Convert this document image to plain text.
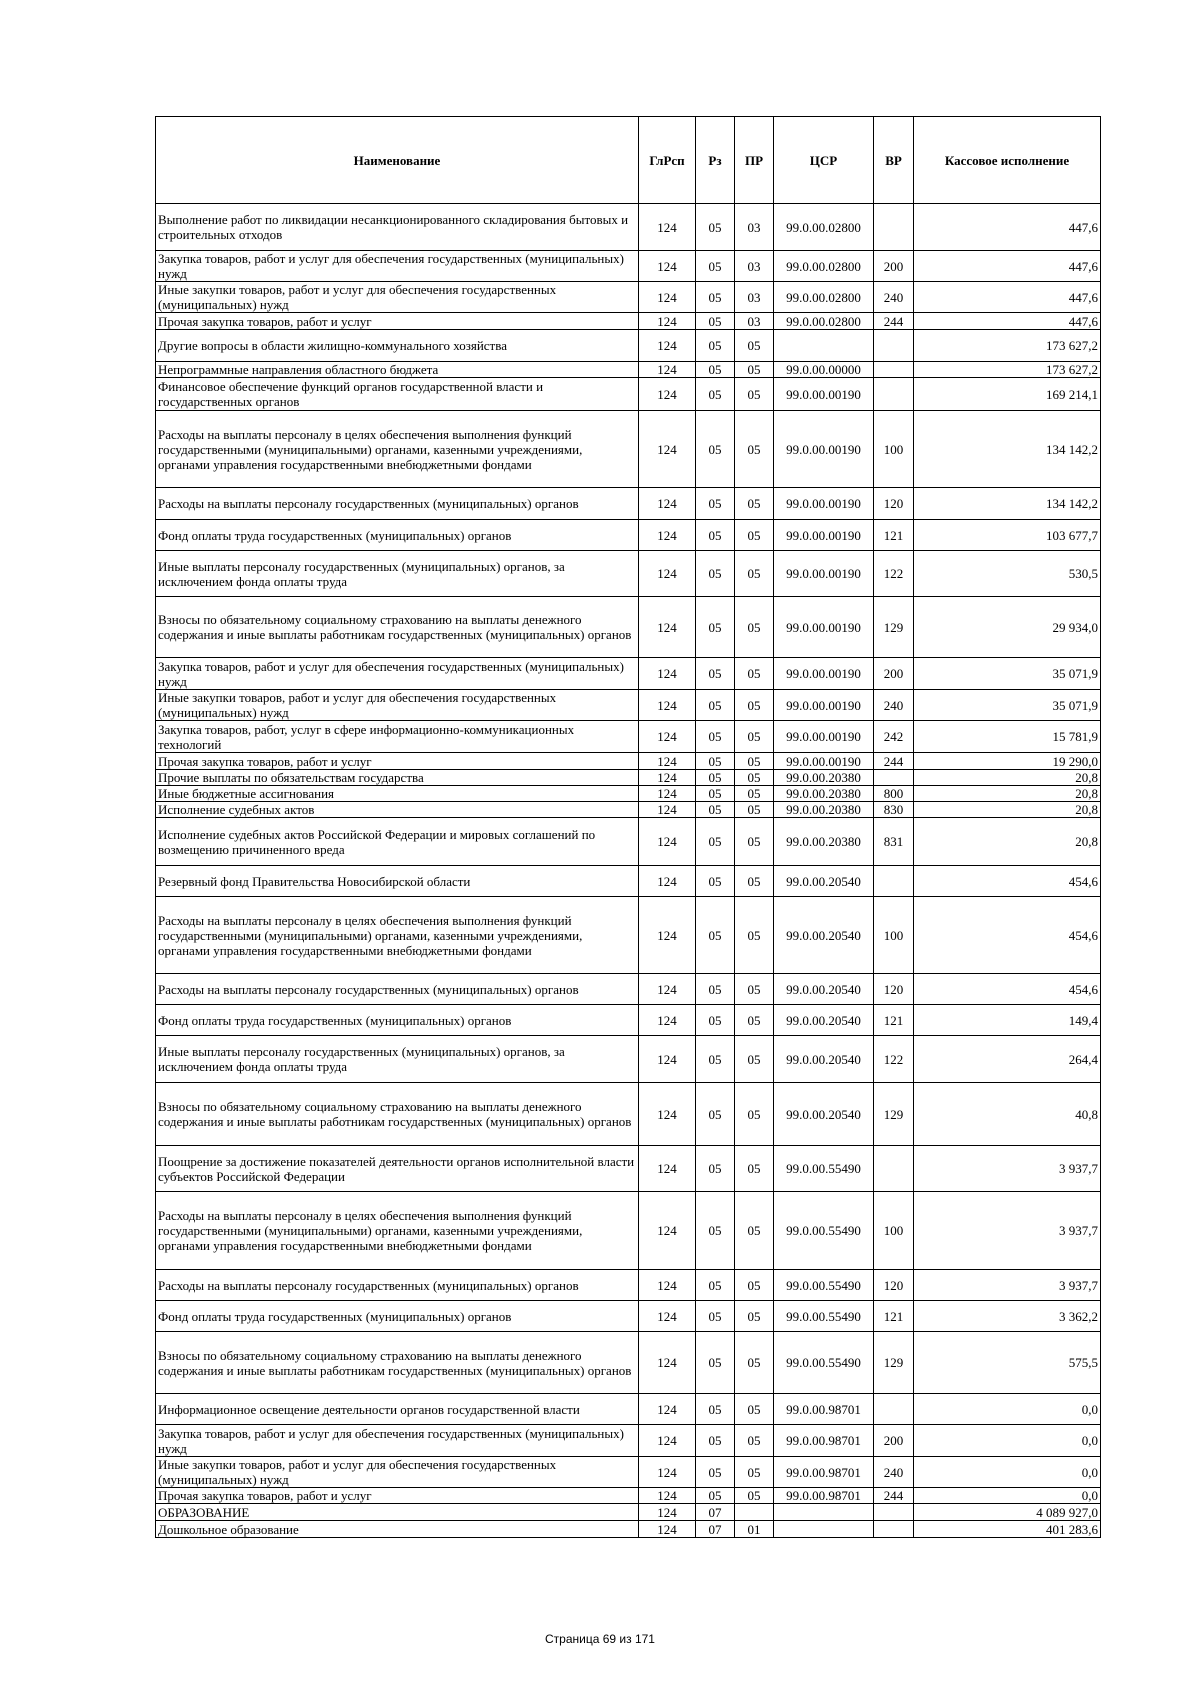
Наименование	ГлРсп	Рз	ПР	ЦСР	ВР	Кассовое исполнение
Выполнение работ по ликвидации несанкционированного складирования бытовых и строительных отходов	124	05	03	99.0.00.02800		447,6
Закупка товаров, работ и услуг для обеспечения государственных (муниципальных) нужд	124	05	03	99.0.00.02800	200	447,6
Иные закупки товаров, работ и услуг для обеспечения государственных (муниципальных) нужд	124	05	03	99.0.00.02800	240	447,6
Прочая закупка товаров, работ и услуг	124	05	03	99.0.00.02800	244	447,6
Другие вопросы в области жилищно-коммунального хозяйства	124	05	05			173 627,2
Непрограммные направления областного бюджета	124	05	05	99.0.00.00000		173 627,2
Финансовое обеспечение функций органов государственной власти и государственных органов	124	05	05	99.0.00.00190		169 214,1
Расходы на выплаты персоналу в целях обеспечения выполнения функций государственными (муниципальными) органами, казенными учреждениями, органами управления государственными внебюджетными фондами	124	05	05	99.0.00.00190	100	134 142,2
Расходы на выплаты персоналу государственных (муниципальных) органов	124	05	05	99.0.00.00190	120	134 142,2
Фонд оплаты труда государственных (муниципальных) органов	124	05	05	99.0.00.00190	121	103 677,7
Иные выплаты персоналу государственных (муниципальных) органов, за исключением фонда оплаты труда	124	05	05	99.0.00.00190	122	530,5
Взносы по обязательному социальному страхованию на выплаты денежного содержания и иные выплаты работникам государственных (муниципальных) органов	124	05	05	99.0.00.00190	129	29 934,0
Закупка товаров, работ и услуг для обеспечения государственных (муниципальных) нужд	124	05	05	99.0.00.00190	200	35 071,9
Иные закупки товаров, работ и услуг для обеспечения государственных (муниципальных) нужд	124	05	05	99.0.00.00190	240	35 071,9
Закупка товаров, работ, услуг в сфере информационно-коммуникационных технологий	124	05	05	99.0.00.00190	242	15 781,9
Прочая закупка товаров, работ и услуг	124	05	05	99.0.00.00190	244	19 290,0
Прочие выплаты по обязательствам государства	124	05	05	99.0.00.20380		20,8
Иные бюджетные ассигнования	124	05	05	99.0.00.20380	800	20,8
Исполнение судебных актов	124	05	05	99.0.00.20380	830	20,8
Исполнение судебных актов Российской Федерации и мировых соглашений по возмещению причиненного вреда	124	05	05	99.0.00.20380	831	20,8
Резервный фонд Правительства Новосибирской области	124	05	05	99.0.00.20540		454,6
Расходы на выплаты персоналу в целях обеспечения выполнения функций государственными (муниципальными) органами, казенными учреждениями, органами управления государственными внебюджетными фондами	124	05	05	99.0.00.20540	100	454,6
Расходы на выплаты персоналу государственных (муниципальных) органов	124	05	05	99.0.00.20540	120	454,6
Фонд оплаты труда государственных (муниципальных) органов	124	05	05	99.0.00.20540	121	149,4
Иные выплаты персоналу государственных (муниципальных) органов, за исключением фонда оплаты труда	124	05	05	99.0.00.20540	122	264,4
Взносы по обязательному социальному страхованию на выплаты денежного содержания и иные выплаты работникам государственных (муниципальных) органов	124	05	05	99.0.00.20540	129	40,8
Поощрение за достижение показателей деятельности органов исполнительной власти субъектов Российской Федерации	124	05	05	99.0.00.55490		3 937,7
Расходы на выплаты персоналу в целях обеспечения выполнения функций государственными (муниципальными) органами, казенными учреждениями, органами управления государственными внебюджетными фондами	124	05	05	99.0.00.55490	100	3 937,7
Расходы на выплаты персоналу государственных (муниципальных) органов	124	05	05	99.0.00.55490	120	3 937,7
Фонд оплаты труда государственных (муниципальных) органов	124	05	05	99.0.00.55490	121	3 362,2
Взносы по обязательному социальному страхованию на выплаты денежного содержания и иные выплаты работникам государственных (муниципальных) органов	124	05	05	99.0.00.55490	129	575,5
Информационное освещение деятельности органов государственной власти	124	05	05	99.0.00.98701		0,0
Закупка товаров, работ и услуг для обеспечения государственных (муниципальных) нужд	124	05	05	99.0.00.98701	200	0,0
Иные закупки товаров, работ и услуг для обеспечения государственных (муниципальных) нужд	124	05	05	99.0.00.98701	240	0,0
Прочая закупка товаров, работ и услуг	124	05	05	99.0.00.98701	244	0,0
ОБРАЗОВАНИЕ	124	07				4 089 927,0
Дошкольное образование	124	07	01			401 283,6
Страница 69 из 171
